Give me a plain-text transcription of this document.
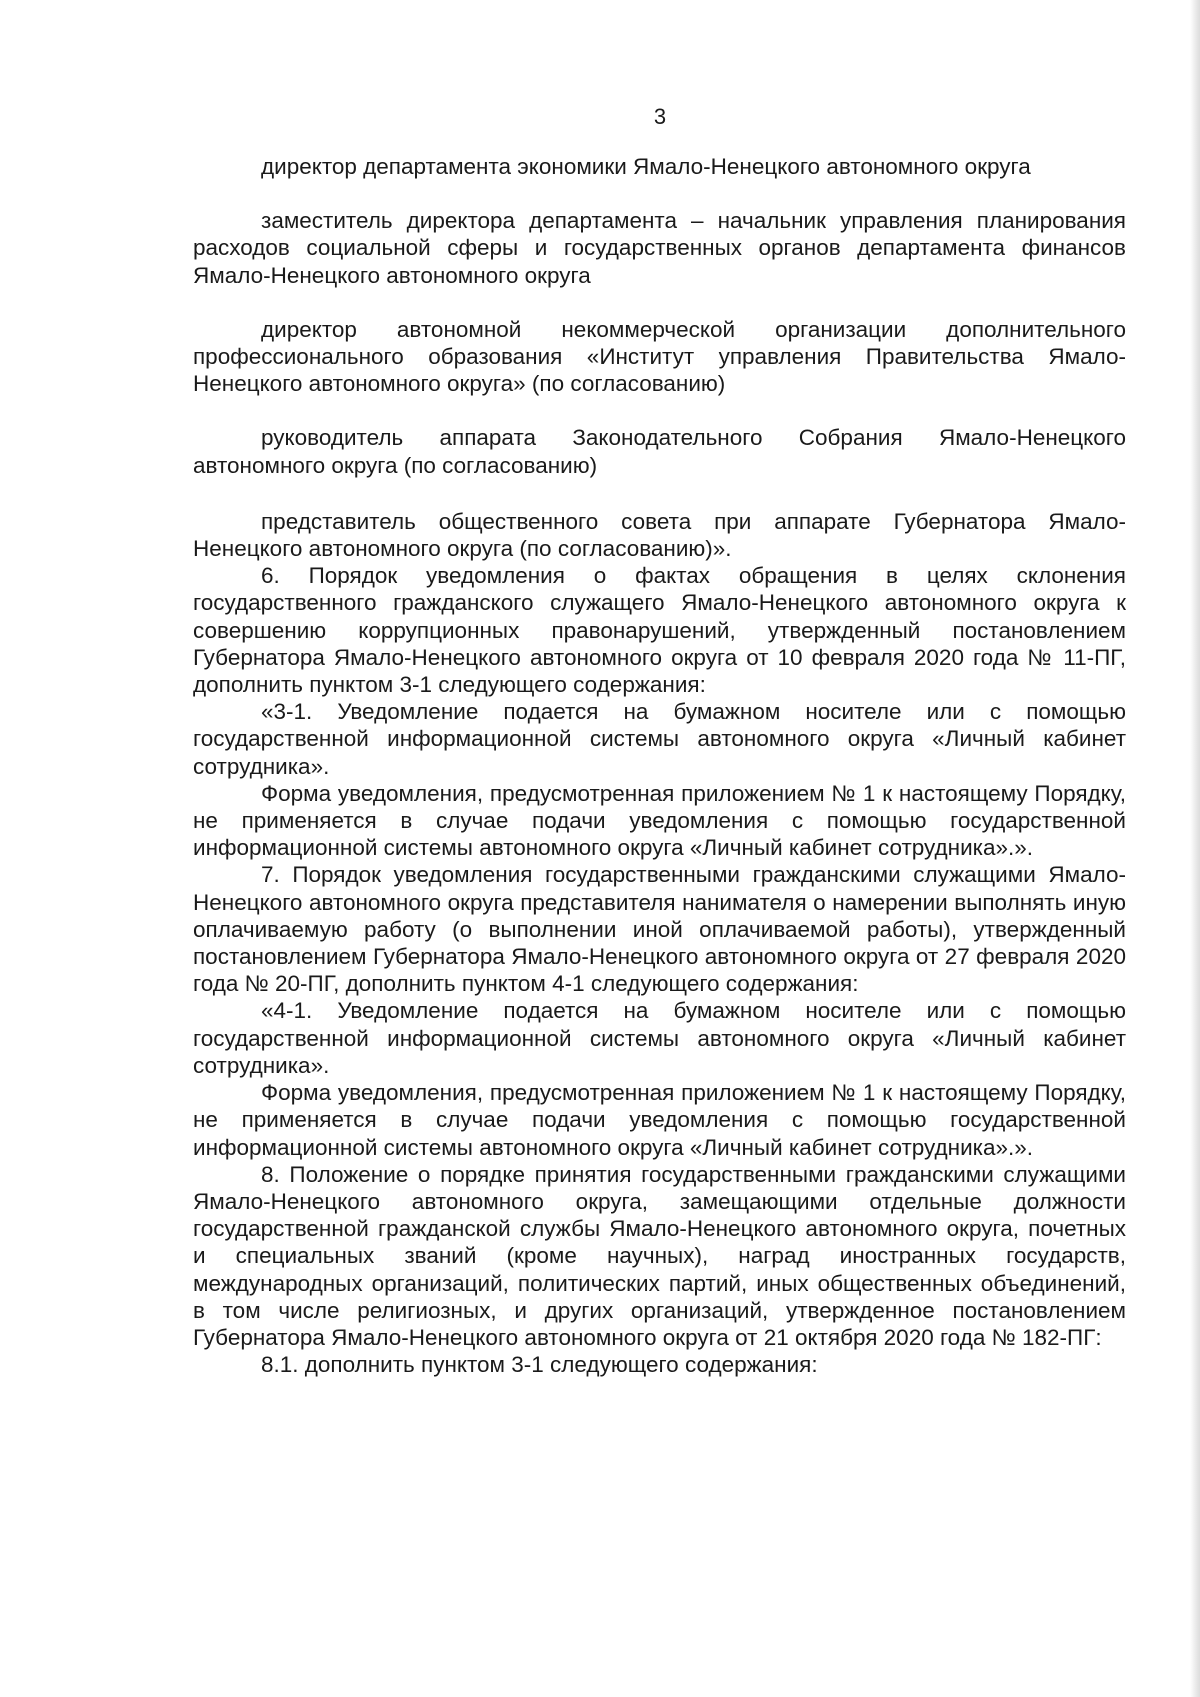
3

директор департамента экономики Ямало-Ненецкого автономного округа

заместитель директора департамента – начальник управления планирования расходов социальной сферы и государственных органов департамента финансов Ямало-Ненецкого автономного округа

директор автономной некоммерческой организации дополнительного профессионального образования «Институт управления Правительства Ямало- Ненецкого автономного округа» (по согласованию)

руководитель аппарата Законодательного Собрания Ямало-Ненецкого автономного округа (по согласованию)

представитель общественного совета при аппарате Губернатора Ямало-Ненецкого автономного округа (по согласованию)».

6. Порядок уведомления о фактах обращения в целях склонения государственного гражданского служащего Ямало-Ненецкого автономного округа к совершению коррупционных правонарушений, утвержденный постановлением Губернатора Ямало-Ненецкого автономного округа от 10 февраля 2020 года № 11-ПГ, дополнить пунктом 3-1 следующего содержания:

«3-1. Уведомление подается на бумажном носителе или с помощью государственной информационной системы автономного округа «Личный кабинет сотрудника».

Форма уведомления, предусмотренная приложением № 1 к настоящему Порядку, не применяется в случае подачи уведомления с помощью государственной информационной системы автономного округа «Личный кабинет сотрудника».».

7. Порядок уведомления государственными гражданскими служащими Ямало-Ненецкого автономного округа представителя нанимателя о намерении выполнять иную оплачиваемую работу (о выполнении иной оплачиваемой работы), утвержденный постановлением Губернатора Ямало-Ненецкого автономного округа от 27 февраля 2020 года № 20-ПГ, дополнить пунктом 4-1 следующего содержания:

«4-1. Уведомление подается на бумажном носителе или с помощью государственной информационной системы автономного округа «Личный кабинет сотрудника».

Форма уведомления, предусмотренная приложением № 1 к настоящему Порядку, не применяется в случае подачи уведомления с помощью государственной информационной системы автономного округа «Личный кабинет сотрудника».».

8. Положение о порядке принятия государственными гражданскими служащими Ямало-Ненецкого автономного округа, замещающими отдельные должности государственной гражданской службы Ямало-Ненецкого автономного округа, почетных и специальных званий (кроме научных), наград иностранных государств, международных организаций, политических партий, иных общественных объединений, в том числе религиозных, и других организаций, утвержденное постановлением Губернатора Ямало-Ненецкого автономного округа от 21 октября 2020 года № 182-ПГ:

8.1. дополнить пунктом 3-1 следующего содержания:
